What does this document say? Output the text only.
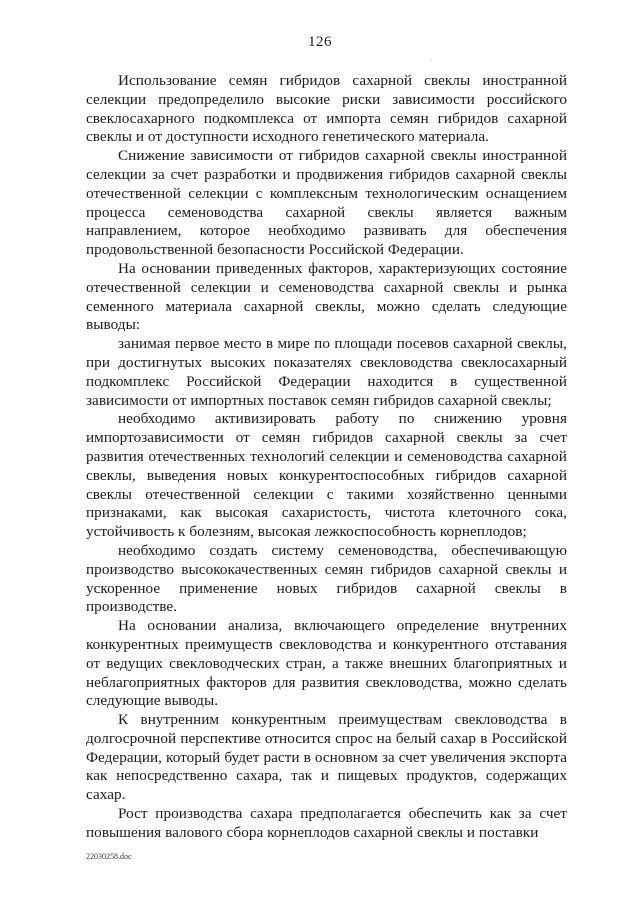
126
·

Использование семян гибридов сахарной свеклы иностранной селекции предопределило высокие риски зависимости российского свеклосахарного подкомплекса от импорта семян гибридов сахарной свеклы и от доступности исходного генетического материала.

Снижение зависимости от гибридов сахарной свеклы иностранной селекции за счет разработки и продвижения гибридов сахарной свеклы отечественной селекции с комплексным технологическим оснащением процесса семеноводства сахарной свеклы является важным направлением, которое необходимо развивать для обеспечения продовольственной безопасности Российской Федерации.

На основании приведенных факторов, характеризующих состояние отечественной селекции и семеноводства сахарной свеклы и рынка семенного материала сахарной свеклы, можно сделать следующие выводы:

занимая первое место в мире по площади посевов сахарной свеклы, при достигнутых высоких показателях свекловодства свеклосахарный подкомплекс Российской Федерации находится в существенной зависимости от импортных поставок семян гибридов сахарной свеклы;

необходимо активизировать работу по снижению уровня импортозависимости от семян гибридов сахарной свеклы за счет развития отечественных технологий селекции и семеноводства сахарной свеклы, выведения новых конкурентоспособных гибридов сахарной свеклы отечественной селекции с такими хозяйственно ценными признаками, как высокая сахаристость, чистота клеточного сока, устойчивость к болезням, высокая лежкоспособность корнеплодов;

необходимо создать систему семеноводства, обеспечивающую производство высококачественных семян гибридов сахарной свеклы и ускоренное применение новых гибридов сахарной свеклы в производстве.

На основании анализа, включающего определение внутренних конкурентных преимуществ свекловодства и конкурентного отставания от ведущих свекловодческих стран, а также внешних благоприятных и неблагоприятных факторов для развития свекловодства, можно сделать следующие выводы.

К внутренним конкурентным преимуществам свекловодства в долгосрочной перспективе относится спрос на белый сахар в Российской Федерации, который будет расти в основном за счет увеличения экспорта как непосредственно сахара, так и пищевых продуктов, содержащих сахар.

Рост производства сахара предполагается обеспечить как за счет повышения валового сбора корнеплодов сахарной свеклы и поставки

22030258.doc
